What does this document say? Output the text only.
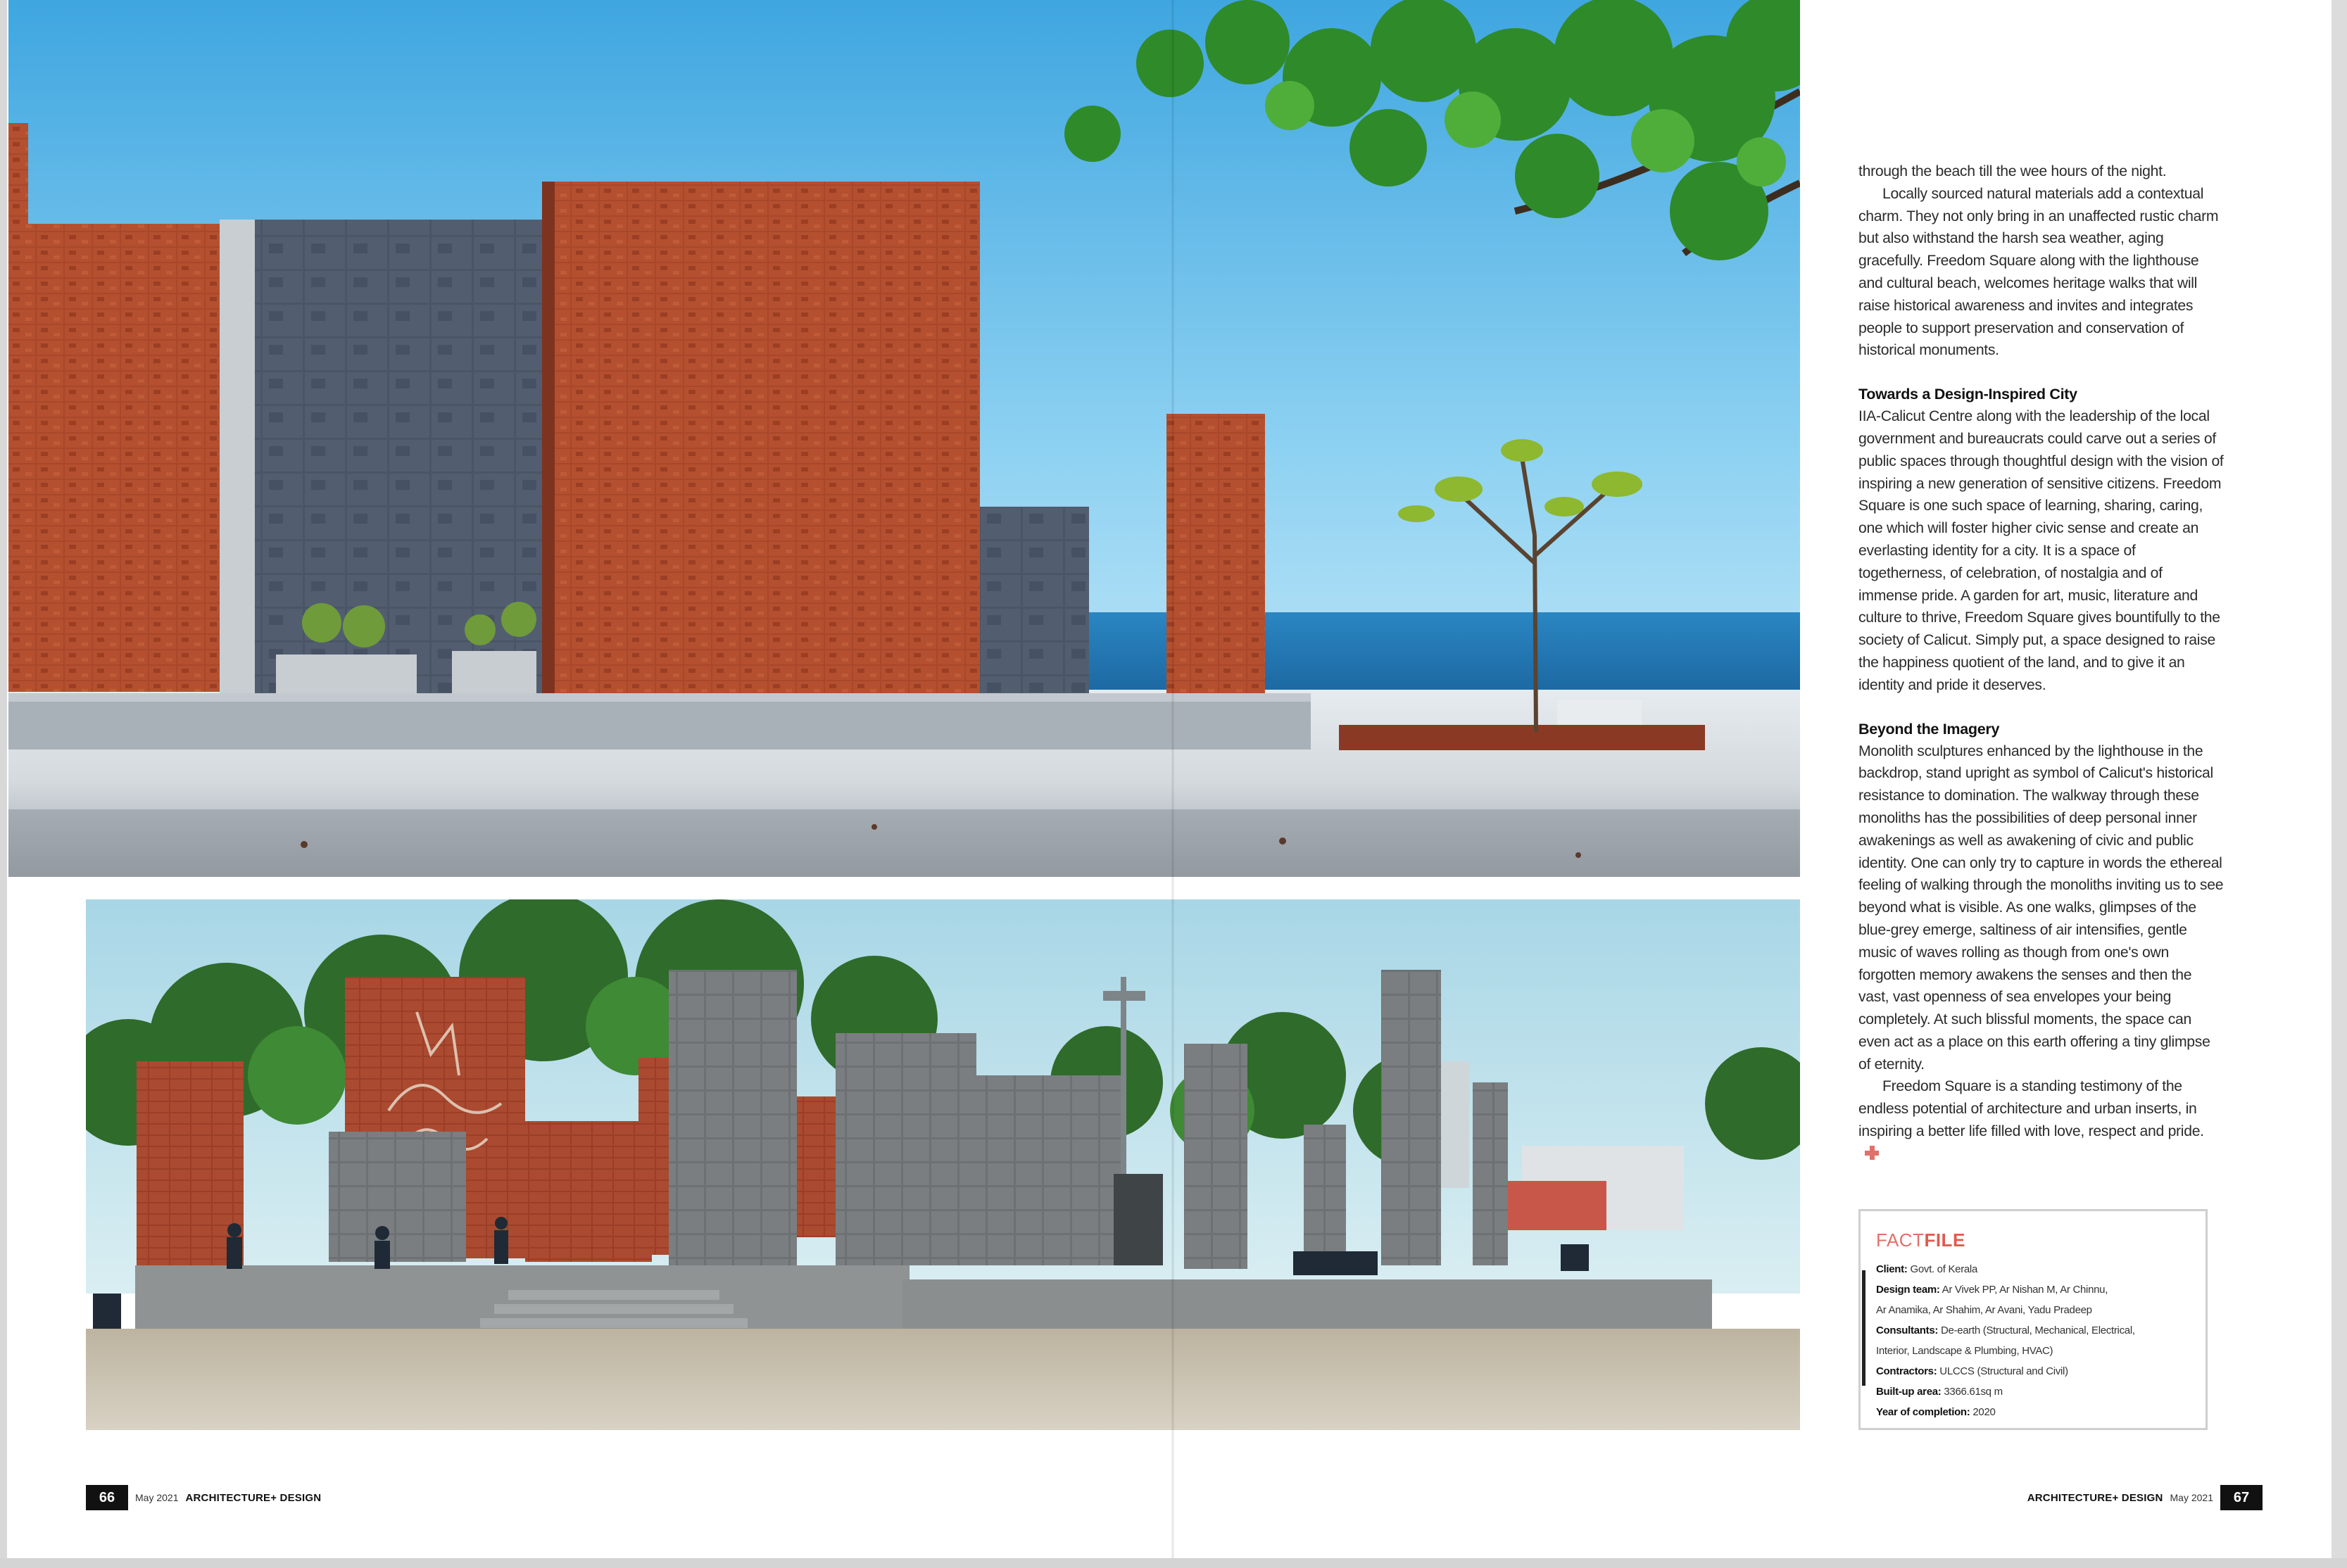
through the beach till the wee hours of the night.

Locally sourced natural materials add a contextual charm. They not only bring in an unaffected rustic charm but also withstand the harsh sea weather, aging gracefully. Freedom Square along with the lighthouse and cultural beach, welcomes heritage walks that will raise historical awareness and invites and integrates people to support preservation and conservation of historical monuments.

Towards a Design-Inspired City

IIA-Calicut Centre along with the leadership of the local government and bureaucrats could carve out a series of public spaces through thoughtful design with the vision of inspiring a new generation of sensitive citizens. Freedom Square is one such space of learning, sharing, caring, one which will foster higher civic sense and create an everlasting identity for a city. It is a space of togetherness, of celebration, of nostalgia and of immense pride. A garden for art, music, literature and culture to thrive, Freedom Square gives bountifully to the society of Calicut. Simply put, a space designed to raise the happiness quotient of the land, and to give it an identity and pride it deserves.

Beyond the Imagery

Monolith sculptures enhanced by the lighthouse in the backdrop, stand upright as symbol of Calicut's historical resistance to domination. The walkway through these monoliths has the possibilities of deep personal inner awakenings as well as awakening of civic and public identity. One can only try to capture in words the ethereal feeling of walking through the monoliths inviting us to see beyond what is visible. As one walks, glimpses of the blue-grey emerge, saltiness of air intensifies, gentle music of waves rolling as though from one's own forgotten memory awakens the senses and then the vast, vast openness of sea envelopes your being completely. At such blissful moments, the space can even act as a place on this earth offering a tiny glimpse of eternity.

Freedom Square is a standing testimony of the endless potential of architecture and urban inserts, in inspiring a better life filled with love, respect and pride.

FACTFILE
Client: Govt. of Kerala
Design team: Ar Vivek PP, Ar Nishan M, Ar Chinnu,
Ar Anamika, Ar Shahim, Ar Avani, Yadu Pradeep
Consultants: De-earth (Structural, Mechanical, Electrical,
Interior, Landscape & Plumbing, HVAC)
Contractors: ULCCS (Structural and Civil)
Built-up area: 3366.61sq m
Year of completion: 2020
66 May 2021 ARCHITECTURE+ DESIGN	ARCHITECTURE+ DESIGN May 2021 67
